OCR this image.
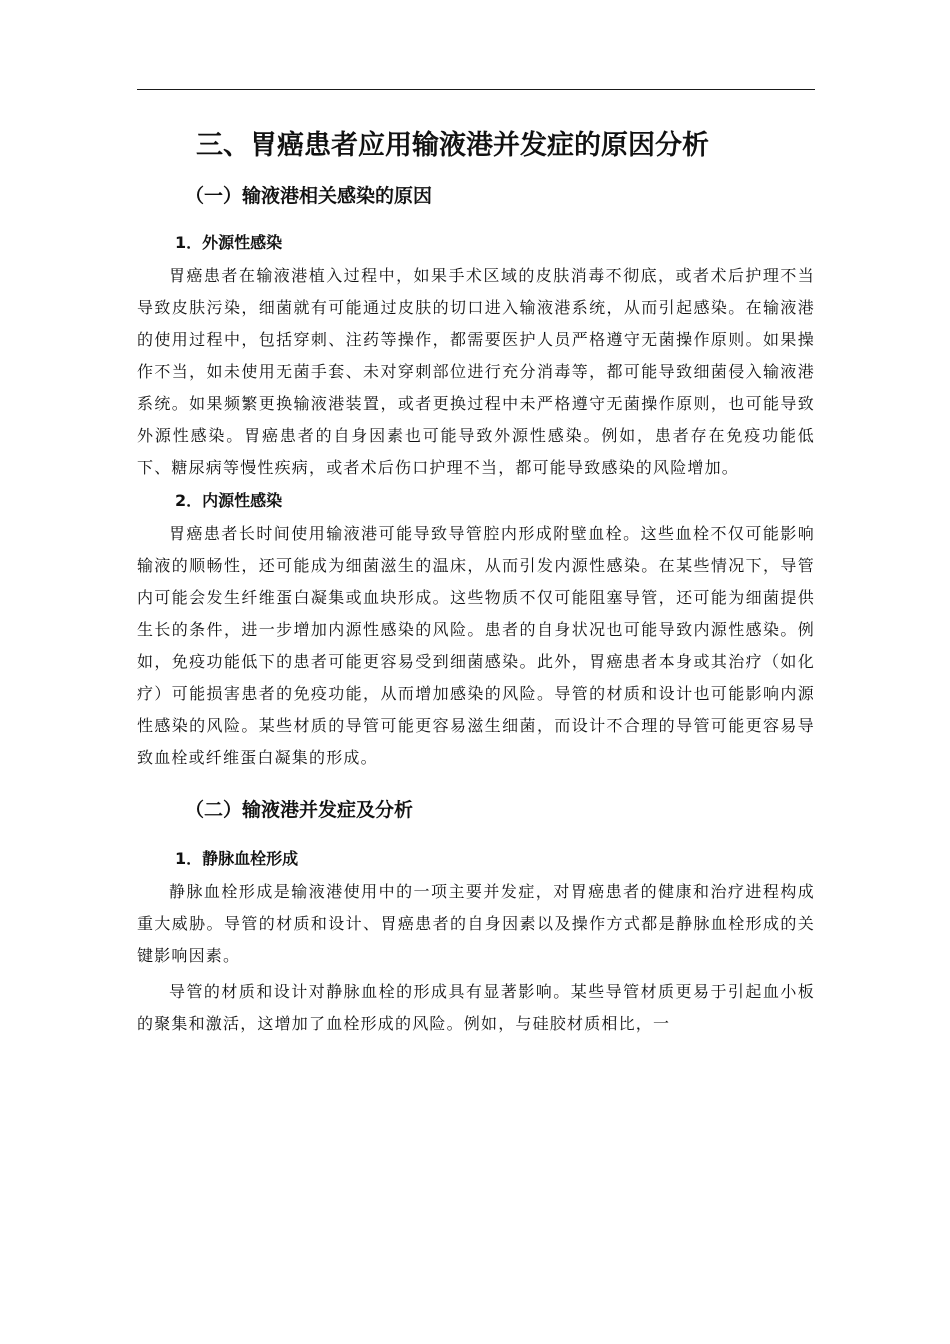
三、胃癌患者应用输液港并发症的原因分析
（一）输液港相关感染的原因
1．外源性感染

胃癌患者在输液港植入过程中，如果手术区域的皮肤消毒不彻底，或者术后护理不当导致皮肤污染，细菌就有可能通过皮肤的切口进入输液港系统，从而引起感染。在输液港的使用过程中，包括穿刺、注药等操作，都需要医护人员严格遵守无菌操作原则。如果操作不当，如未使用无菌手套、未对穿刺部位进行充分消毒等，都可能导致细菌侵入输液港系统。如果频繁更换输液港装置，或者更换过程中未严格遵守无菌操作原则，也可能导致外源性感染。胃癌患者的自身因素也可能导致外源性感染。例如，患者存在免疫功能低下、糖尿病等慢性疾病，或者术后伤口护理不当，都可能导致感染的风险增加。

2．内源性感染

胃癌患者长时间使用输液港可能导致导管腔内形成附壁血栓。这些血栓不仅可能影响输液的顺畅性，还可能成为细菌滋生的温床，从而引发内源性感染。在某些情况下，导管内可能会发生纤维蛋白凝集或血块形成。这些物质不仅可能阻塞导管，还可能为细菌提供生长的条件，进一步增加内源性感染的风险。患者的自身状况也可能导致内源性感染。例如，免疫功能低下的患者可能更容易受到细菌感染。此外，胃癌患者本身或其治疗（如化疗）可能损害患者的免疫功能，从而增加感染的风险。导管的材质和设计也可能影响内源性感染的风险。某些材质的导管可能更容易滋生细菌，而设计不合理的导管可能更容易导致血栓或纤维蛋白凝集的形成。

（二）输液港并发症及分析
1．静脉血栓形成

静脉血栓形成是输液港使用中的一项主要并发症，对胃癌患者的健康和治疗进程构成重大威胁。导管的材质和设计、胃癌患者的自身因素以及操作方式都是静脉血栓形成的关键影响因素。

导管的材质和设计对静脉血栓的形成具有显著影响。某些导管材质更易于引起血小板的聚集和激活，这增加了血栓形成的风险。例如，与硅胶材质相比，一
